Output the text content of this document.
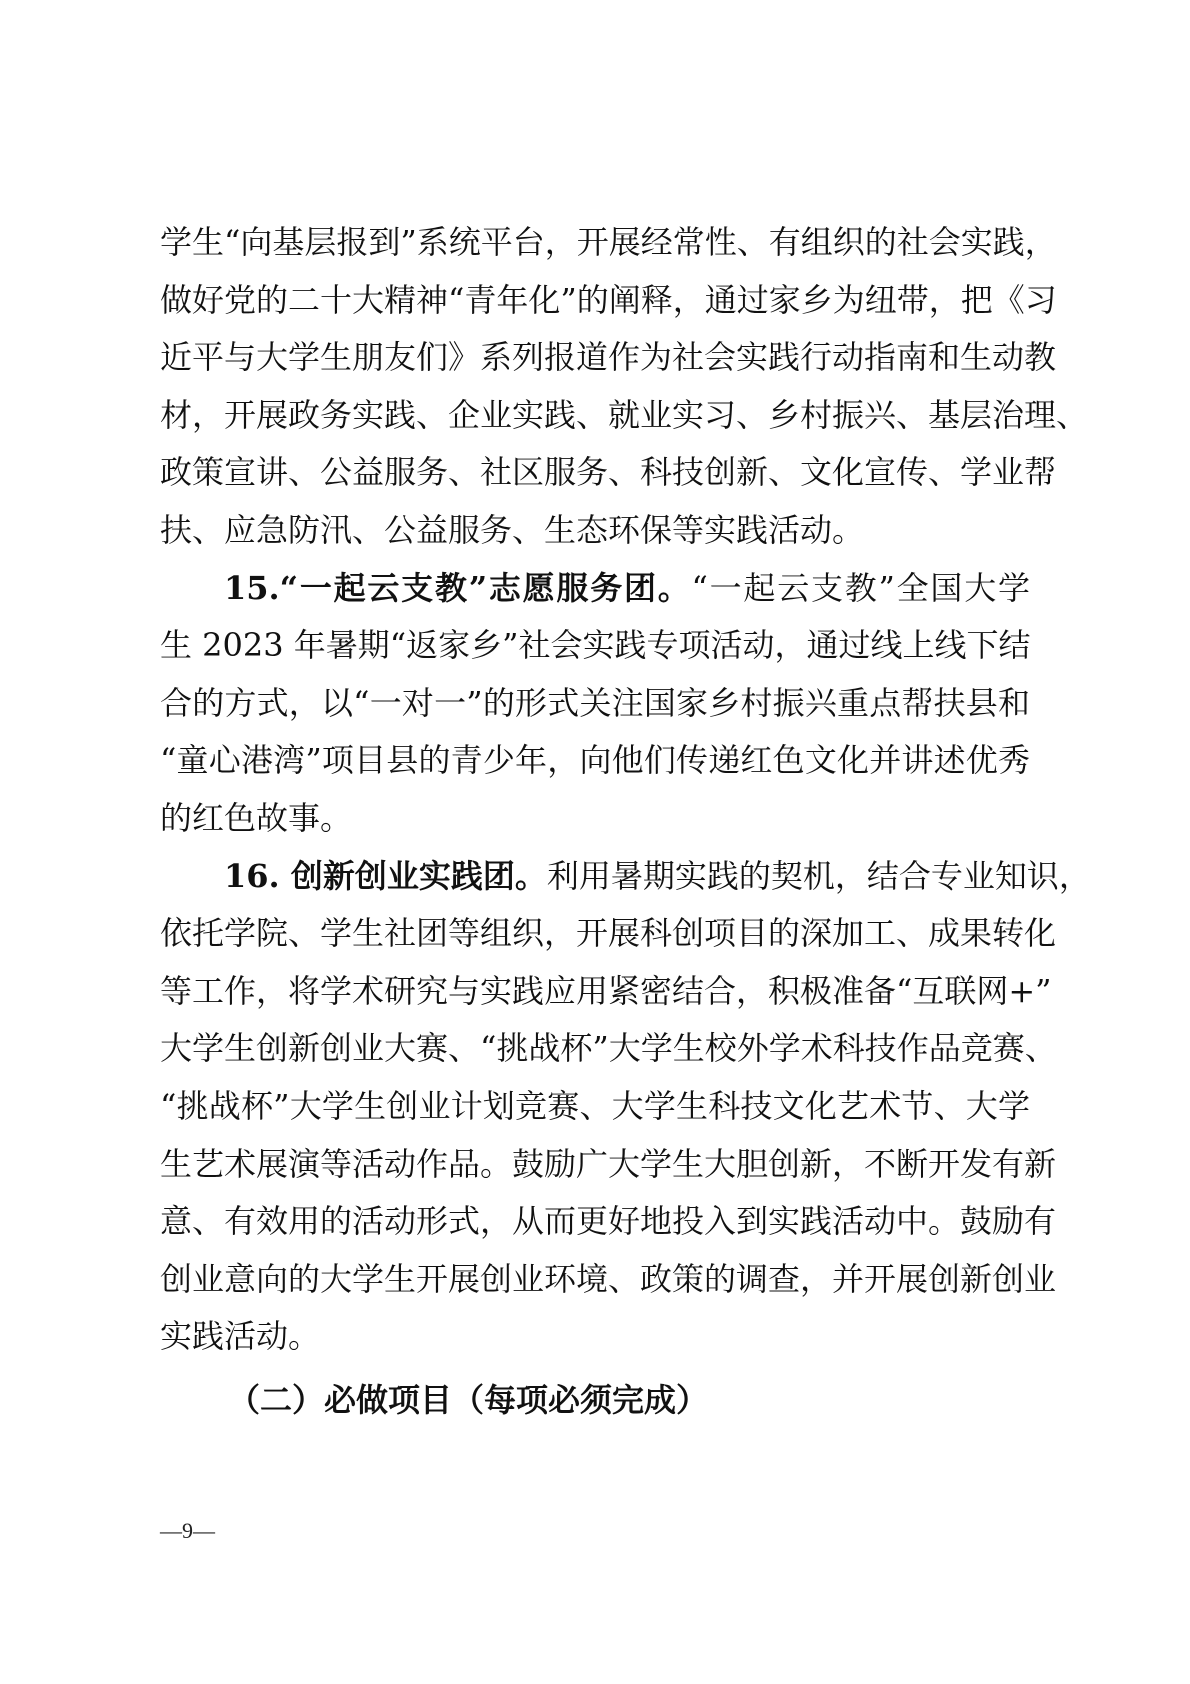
学生“向基层报到”系统平台，开展经常性、有组织的社会实践，
做好党的二十大精神“青年化”的阐释，通过家乡为纽带，把《习
近平与大学生朋友们》系列报道作为社会实践行动指南和生动教
材，开展政务实践、企业实践、就业实习、乡村振兴、基层治理、
政策宣讲、公益服务、社区服务、科技创新、文化宣传、学业帮
扶、应急防汛、公益服务、生态环保等实践活动。
15.“一起云支教”志愿服务团。“一起云支教”全国大学
生 2023 年暑期“返家乡”社会实践专项活动，通过线上线下结
合的方式，以“一对一”的形式关注国家乡村振兴重点帮扶县和
“童心港湾”项目县的青少年，向他们传递红色文化并讲述优秀
的红色故事。
16. 创新创业实践团。利用暑期实践的契机，结合专业知识，
依托学院、学生社团等组织，开展科创项目的深加工、成果转化
等工作，将学术研究与实践应用紧密结合，积极准备“互联网+”
大学生创新创业大赛、“挑战杯”大学生校外学术科技作品竞赛、
“挑战杯”大学生创业计划竞赛、大学生科技文化艺术节、大学
生艺术展演等活动作品。鼓励广大学生大胆创新，不断开发有新
意、有效用的活动形式，从而更好地投入到实践活动中。鼓励有
创业意向的大学生开展创业环境、政策的调查，并开展创新创业
实践活动。
（二）必做项目（每项必须完成）
—9—
